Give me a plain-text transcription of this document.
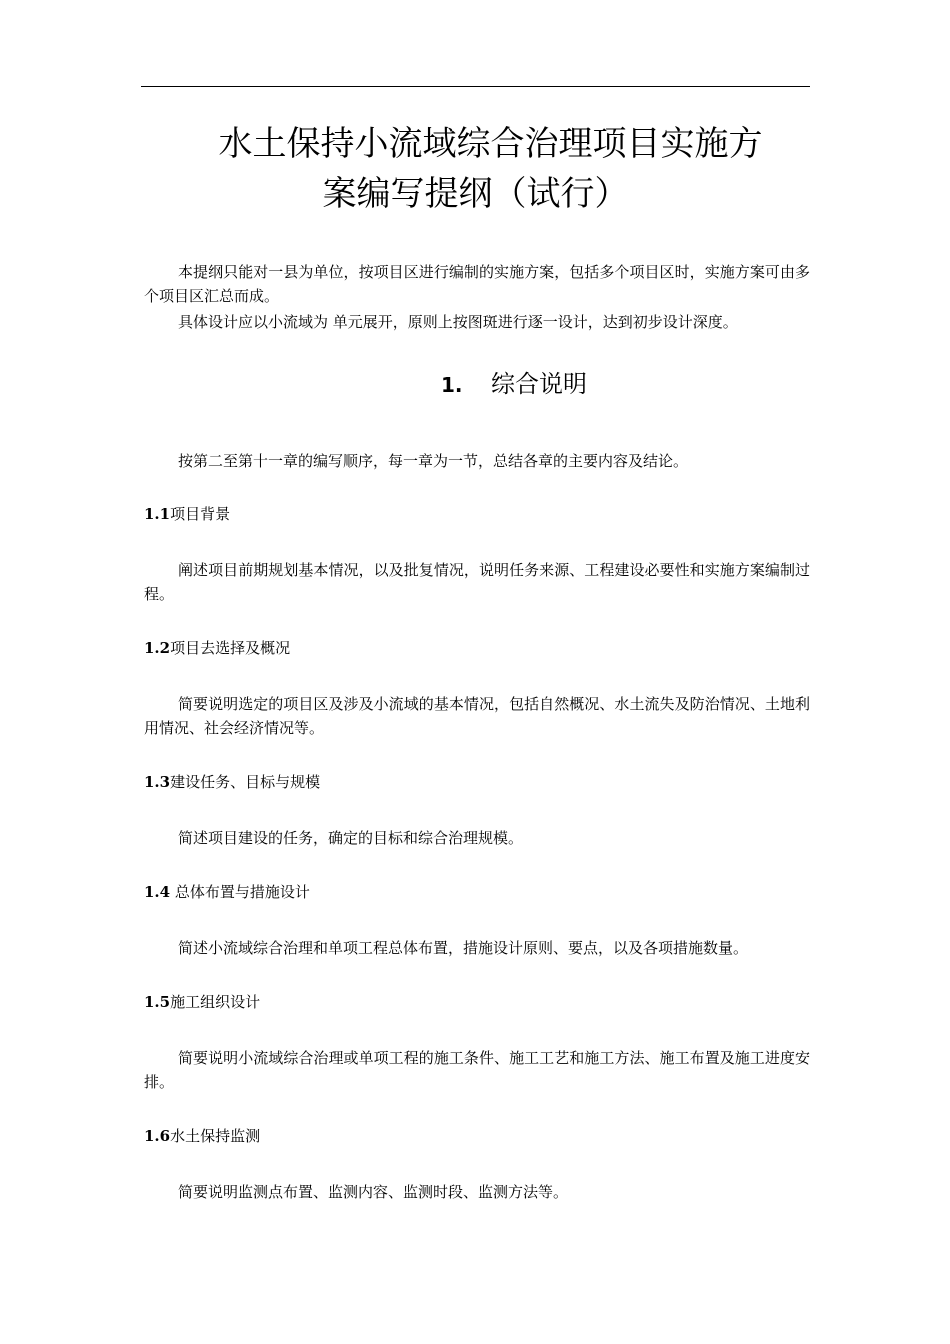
水土保持小流域综合治理项目实施方
案编写提纲（试行）
本提纲只能对一县为单位，按项目区进行编制的实施方案，包括多个项目区时，实施方案可由多个项目区汇总而成。
具体设计应以小流域为 单元展开，原则上按图斑进行逐一设计，达到初步设计深度。
1. 综合说明
按第二至第十一章的编写顺序，每一章为一节，总结各章的主要内容及结论。
1.1项目背景
阐述项目前期规划基本情况，以及批复情况，说明任务来源、工程建设必要性和实施方案编制过程。
1.2项目去选择及概况
简要说明选定的项目区及涉及小流域的基本情况，包括自然概况、水土流失及防治情况、土地利用情况、社会经济情况等。
1.3建设任务、目标与规模
简述项目建设的任务，确定的目标和综合治理规模。
1.4 总体布置与措施设计
简述小流域综合治理和单项工程总体布置，措施设计原则、要点，以及各项措施数量。
1.5施工组织设计
简要说明小流域综合治理或单项工程的施工条件、施工工艺和施工方法、施工布置及施工进度安排。
1.6水土保持监测
简要说明监测点布置、监测内容、监测时段、监测方法等。
